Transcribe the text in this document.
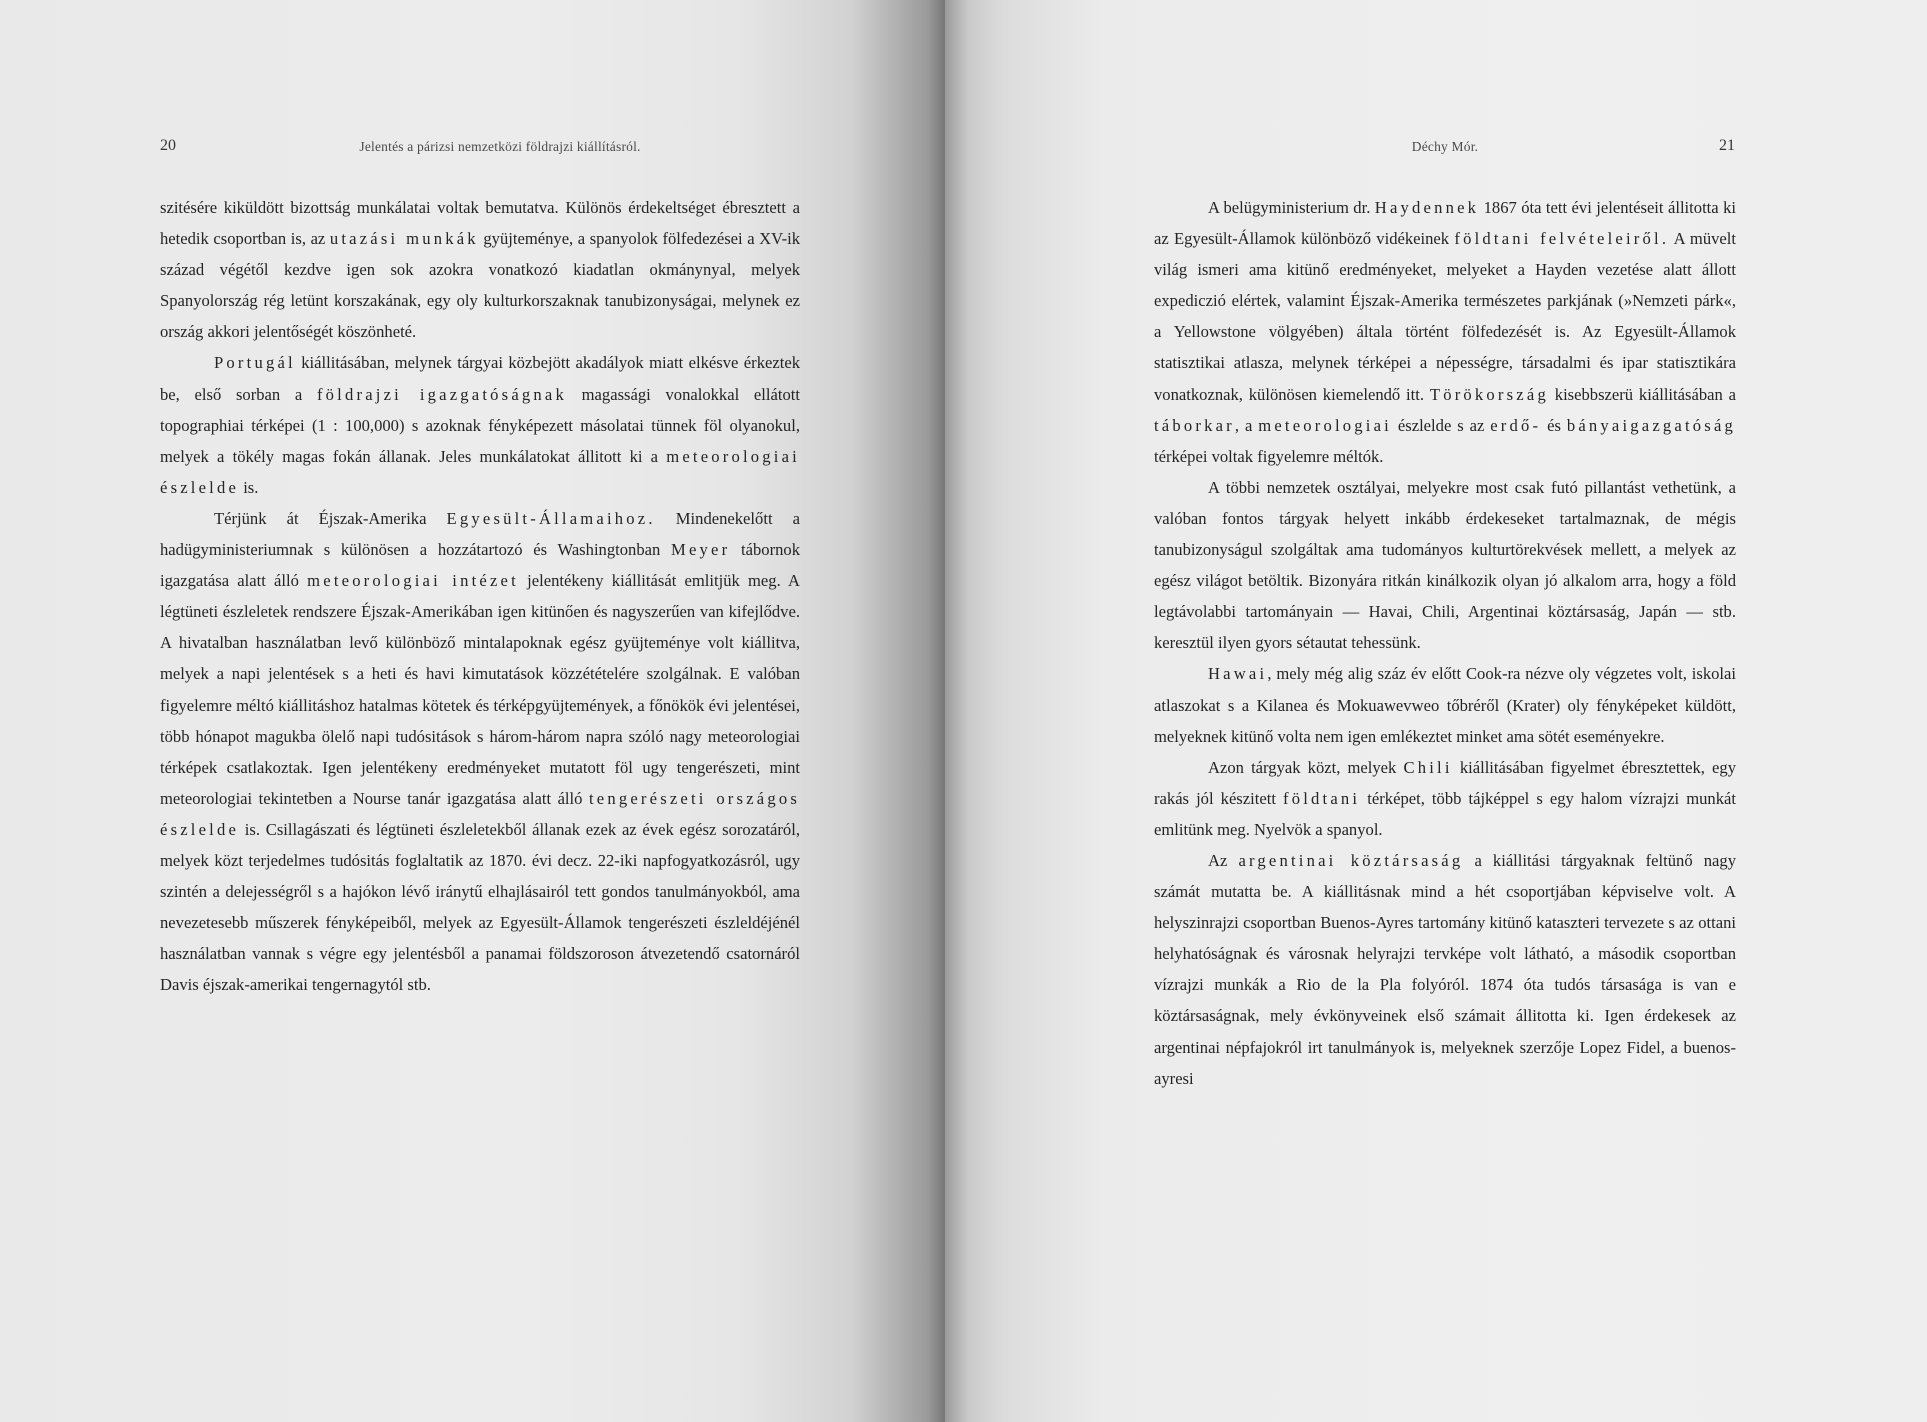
20	Jelentés a párizsi nemzetközi földrajzi kiállításról.

szitésére kiküldött bizottság munkálatai voltak bemutatva. Különös érdekeltséget ébresztett a hetedik csoportban is, az utazási munkák gyüjteménye, a spanyolok fölfedezései a XV-ik század végétől kezdve igen sok azokra vonatkozó kiadatlan okmánynyal, melyek Spanyolország rég letünt korszakának, egy oly kulturkorszaknak tanubizonyságai, melynek ez ország akkori jelentőségét köszönheté.

Portugál kiállitásában, melynek tárgyai közbejött akadályok miatt elkésve érkeztek be, első sorban a földrajzi igazgatóságnak magassági vonalokkal ellátott topographiai térképei (1 : 100,000) s azoknak fényképezett másolatai tünnek föl olyanokul, melyek a tökély magas fokán állanak. Jeles munkálatokat állitott ki a meteorologiai észlelde is.

Térjünk át Éjszak-Amerika Egyesült-Államaihoz. Mindenekelőtt a hadügyministeriumnak s különösen a hozzátartozó és Washingtonban Meyer tábornok igazgatása alatt álló meteorologiai intézet jelentékeny kiállitását emlitjük meg. A légtüneti észleletek rendszere Éjszak-Amerikában igen kitünően és nagyszerűen van kifejlődve. A hivatalban használatban levő különböző mintalapoknak egész gyüjteménye volt kiállitva, melyek a napi jelentések s a heti és havi kimutatások közzétételére szolgálnak. E valóban figyelemre méltó kiállitáshoz hatalmas kötetek és térképgyüjtemények, a főnökök évi jelentései, több hónapot magukba ölelő napi tudósitások s három-három napra szóló nagy meteorologiai térképek csatlakoztak. Igen jelentékeny eredményeket mutatott föl ugy tengerészeti, mint meteorologiai tekintetben a Nourse tanár igazgatása alatt álló tengerészeti országos észlelde is. Csillagászati és légtüneti észleletekből állanak ezek az évek egész sorozatáról, melyek közt terjedelmes tudósitás foglaltatik az 1870. évi decz. 22-iki napfogyatkozásról, ugy szintén a delejességről s a hajókon lévő iránytű elhajlásairól tett gondos tanulmányokból, ama nevezetesebb műszerek fényképeiből, melyek az Egyesült-Államok tengerészeti észleldéjénél használatban vannak s végre egy jelentésből a panamai földszoroson átvezetendő csatornáról Davis éjszak-amerikai tengernagytól stb.

Déchy Mór.	21

A belügyministerium dr. Haydennek 1867 óta tett évi jelentéseit állitotta ki az Egyesült-Államok különböző vidékeinek földtani felvételeiről. A müvelt világ ismeri ama kitünő eredményeket, melyeket a Hayden vezetése alatt állott expediczió elértek, valamint Éjszak-Amerika természetes parkjának (»Nemzeti párk«, a Yellowstone völgyében) általa történt fölfedezését is. Az Egyesült-Államok statisztikai atlasza, melynek térképei a népességre, társadalmi és ipar statisztikára vonatkoznak, különösen kiemelendő itt. Törökország kisebbszerü kiállitásában a táborkar, a meteorologiai észlelde s az erdő- és bányaigazgatóság térképei voltak figyelemre méltók.

A többi nemzetek osztályai, melyekre most csak futó pillantást vethetünk, a valóban fontos tárgyak helyett inkább érdekeseket tartalmaznak, de mégis tanubizonyságul szolgáltak ama tudományos kulturtörekvések mellett, a melyek az egész világot betöltik. Bizonyára ritkán kinálkozik olyan jó alkalom arra, hogy a föld legtávolabbi tartományain — Havai, Chili, Argentinai köztársaság, Japán — stb. keresztül ilyen gyors sétautat tehessünk.

Hawai, mely még alig száz év előtt Cook-ra nézve oly végzetes volt, iskolai atlaszokat s a Kilanea és Mokuawevweo tőbréről (Krater) oly fényképeket küldött, melyeknek kitünő volta nem igen emlékeztet minket ama sötét eseményekre.

Azon tárgyak közt, melyek Chili kiállitásában figyelmet ébresztettek, egy rakás jól készitett földtani térképet, több tájképpel s egy halom vízrajzi munkát emlitünk meg. Nyelvök a spanyol.

Az argentinai köztársaság a kiállitási tárgyaknak feltünő nagy számát mutatta be. A kiállitásnak mind a hét csoportjában képviselve volt. A helyszinrajzi csoportban Buenos-Ayres tartomány kitünő kataszteri tervezete s az ottani helyhatóságnak és városnak helyrajzi tervképe volt látható, a második csoportban vízrajzi munkák a Rio de la Pla folyóról. 1874 óta tudós társasága is van e köztársaságnak, mely évkönyveinek első számait állitotta ki. Igen érdekesek az argentinai népfajokról irt tanulmányok is, melyeknek szerzője Lopez Fidel, a buenos-ayresi
